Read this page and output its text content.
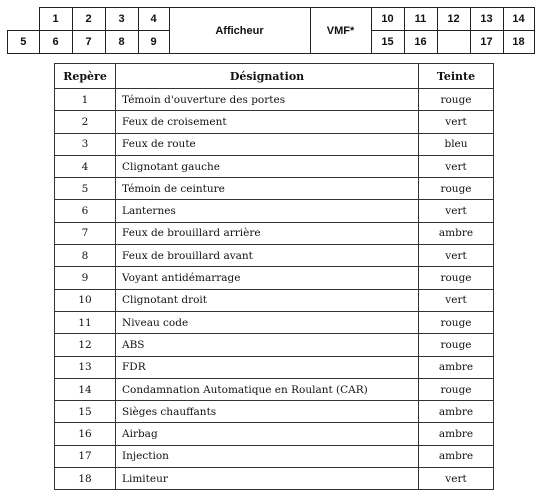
	1	2	3	4	Afficheur	VMF*	10	11	12	13	14
5	6	7	8	9			15	16		17	18
Repère	Désignation	Teinte
1	Témoin d'ouverture des portes	rouge
2	Feux de croisement	vert
3	Feux de route	bleu
4	Clignotant gauche	vert
5	Témoin de ceinture	rouge
6	Lanternes	vert
7	Feux de brouillard arrière	ambre
8	Feux de brouillard avant	vert
9	Voyant antidémarrage	rouge
10	Clignotant droit	vert
11	Niveau code	rouge
12	ABS	rouge
13	FDR	ambre
14	Condamnation Automatique en Roulant (CAR)	rouge
15	Sièges chauffants	ambre
16	Airbag	ambre
17	Injection	ambre
18	Limiteur	vert
